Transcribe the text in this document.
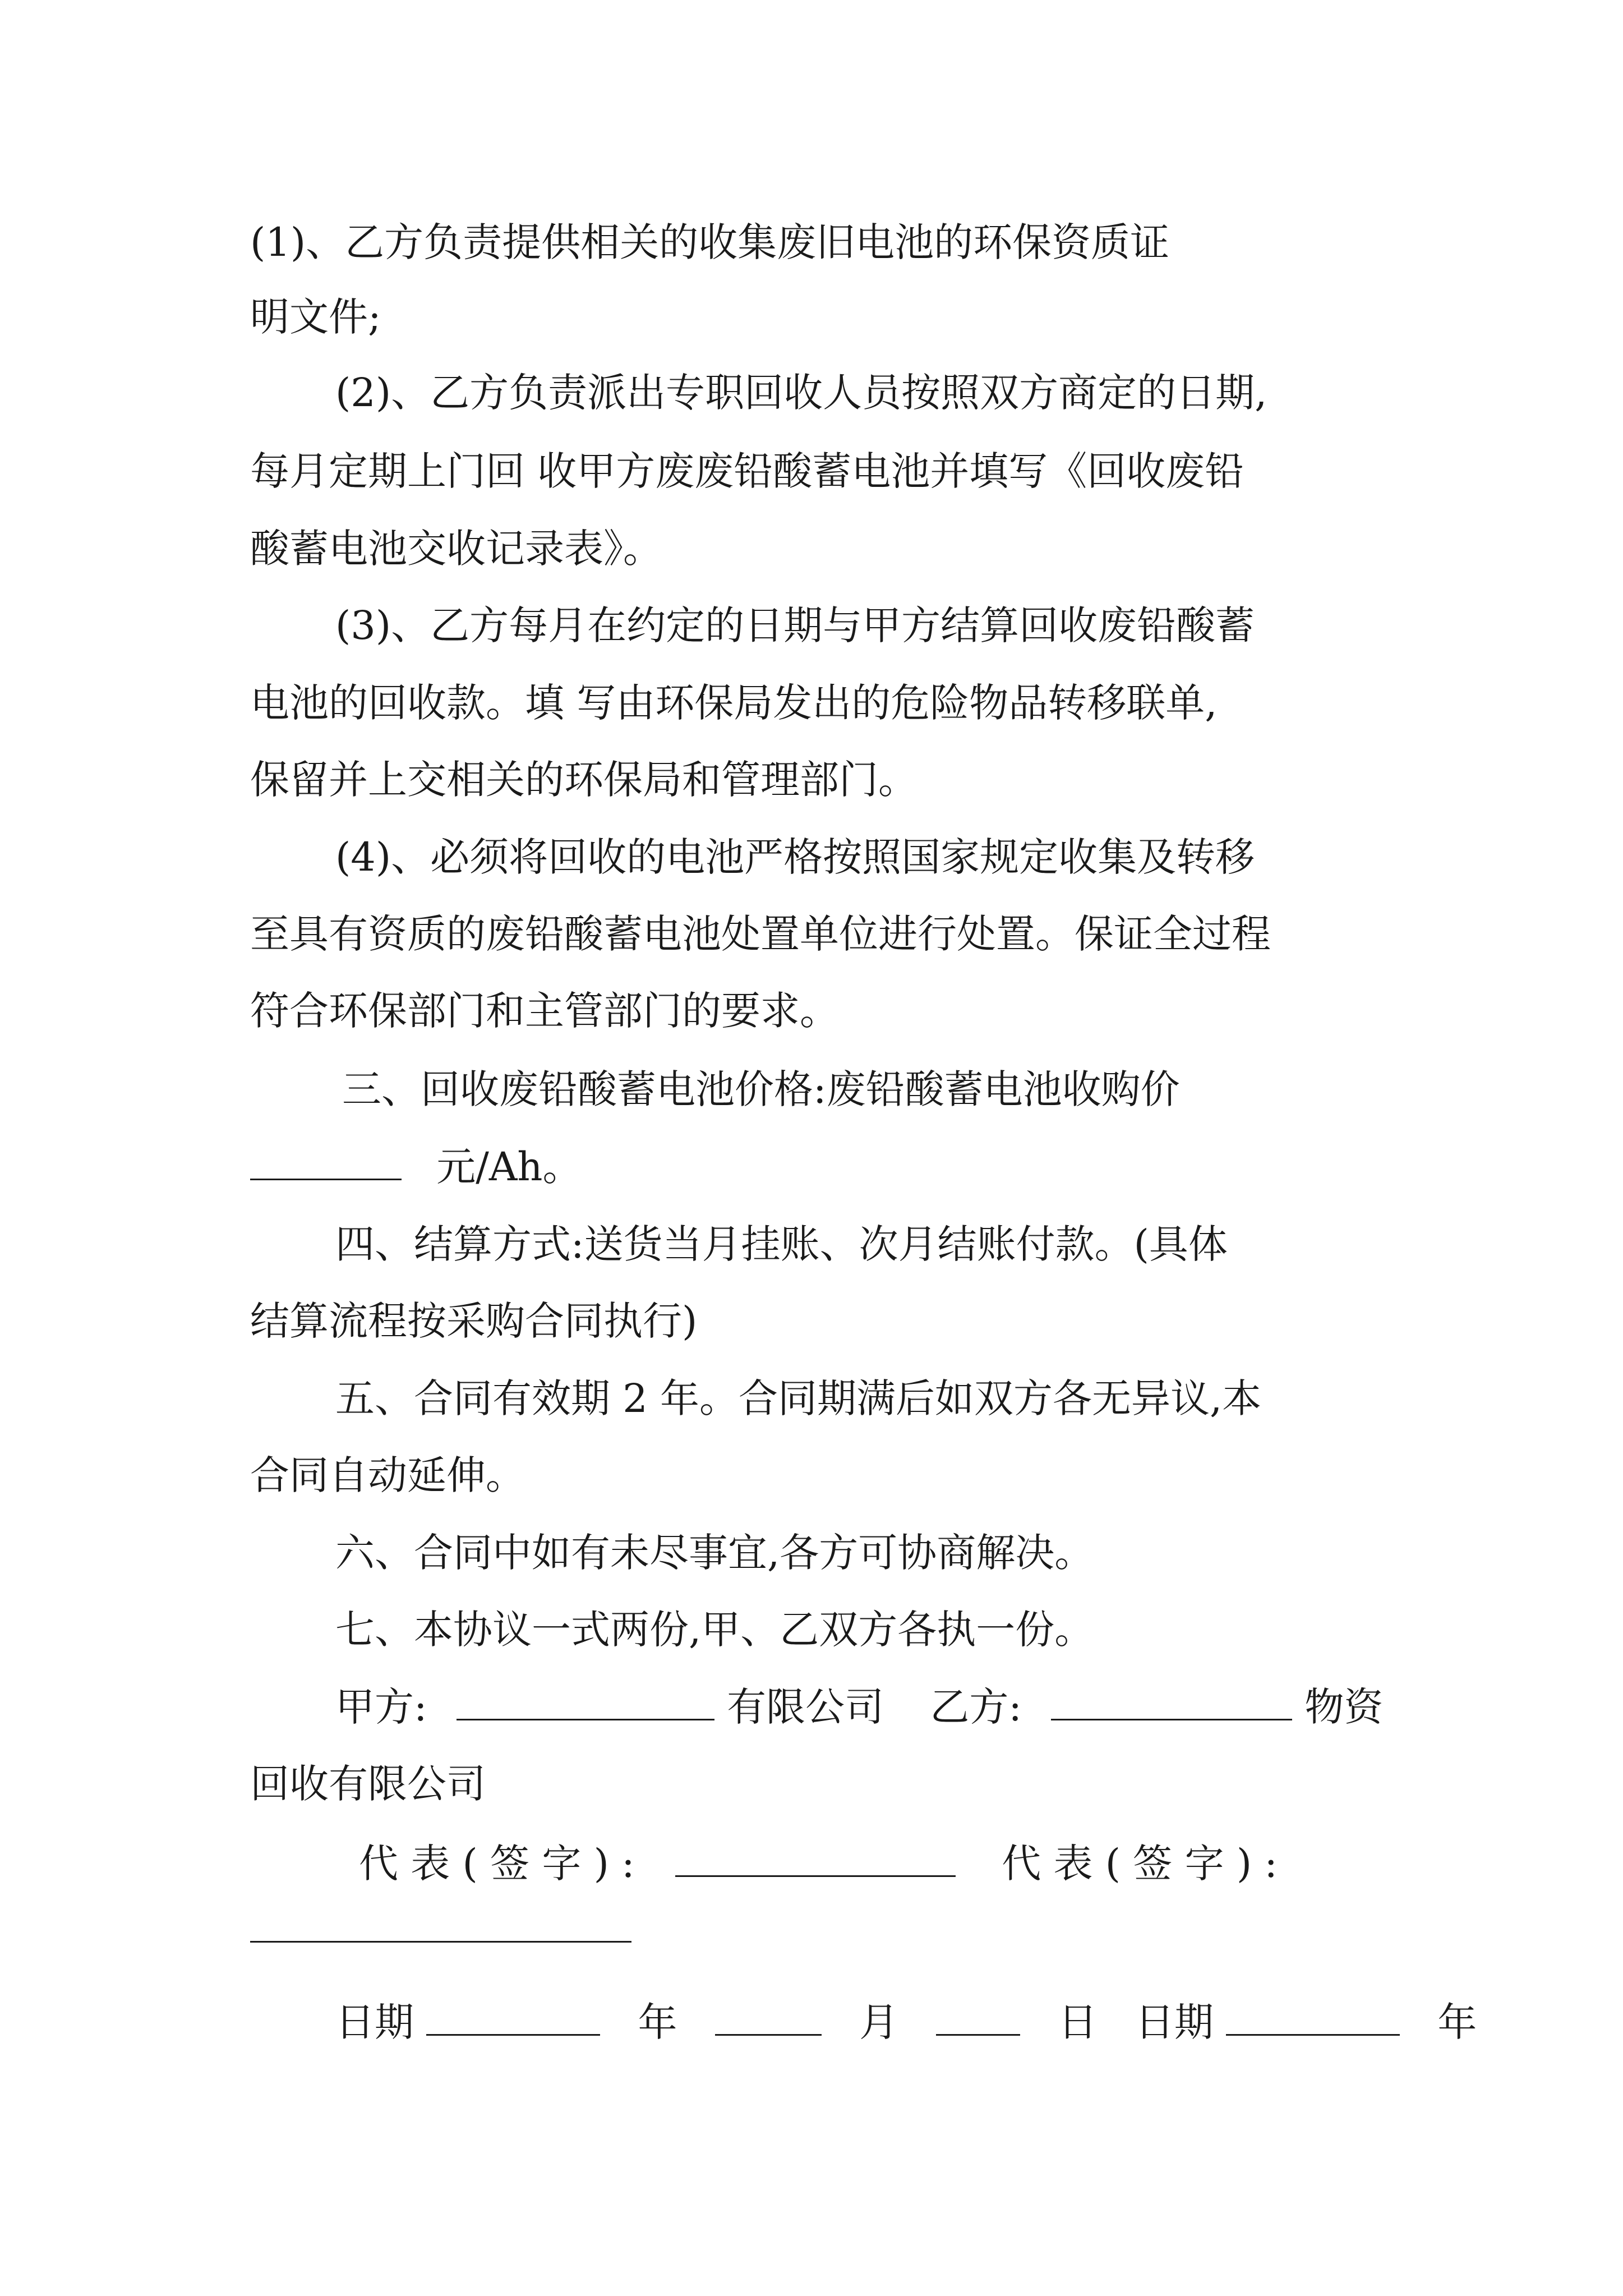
(1)、乙方负责提供相关的收集废旧电池的环保资质证
明文件;
(2)、乙方负责派出专职回收人员按照双方商定的日期,
每月定期上门回 收甲方废废铅酸蓄电池并填写《回收废铅
酸蓄电池交收记录表》。
(3)、乙方每月在约定的日期与甲方结算回收废铅酸蓄
电池的回收款。填 写由环保局发出的危险物品转移联单,
保留并上交相关的环保局和管理部门。
(4)、必须将回收的电池严格按照国家规定收集及转移
至具有资质的废铅酸蓄电池处置单位进行处置。保证全过程
符合环保部门和主管部门的要求。
三、回收废铅酸蓄电池价格:废铅酸蓄电池收购价
元/Ah。
四、结算方式:送货当月挂账、次月结账付款。(具体
结算流程按采购合同执行)
五、合同有效期 2 年。合同期满后如双方各无异议,本
合同自动延伸。
六、合同中如有未尽事宜,各方可协商解决。
七、本协议一式两份,甲、乙双方各执一份。
甲方:	有限公司 乙方:	物资
回收有限公司
代 表 ( 签 字 ) :	代 表 ( 签 字 ) :
日期	年	月	日 日期	年
